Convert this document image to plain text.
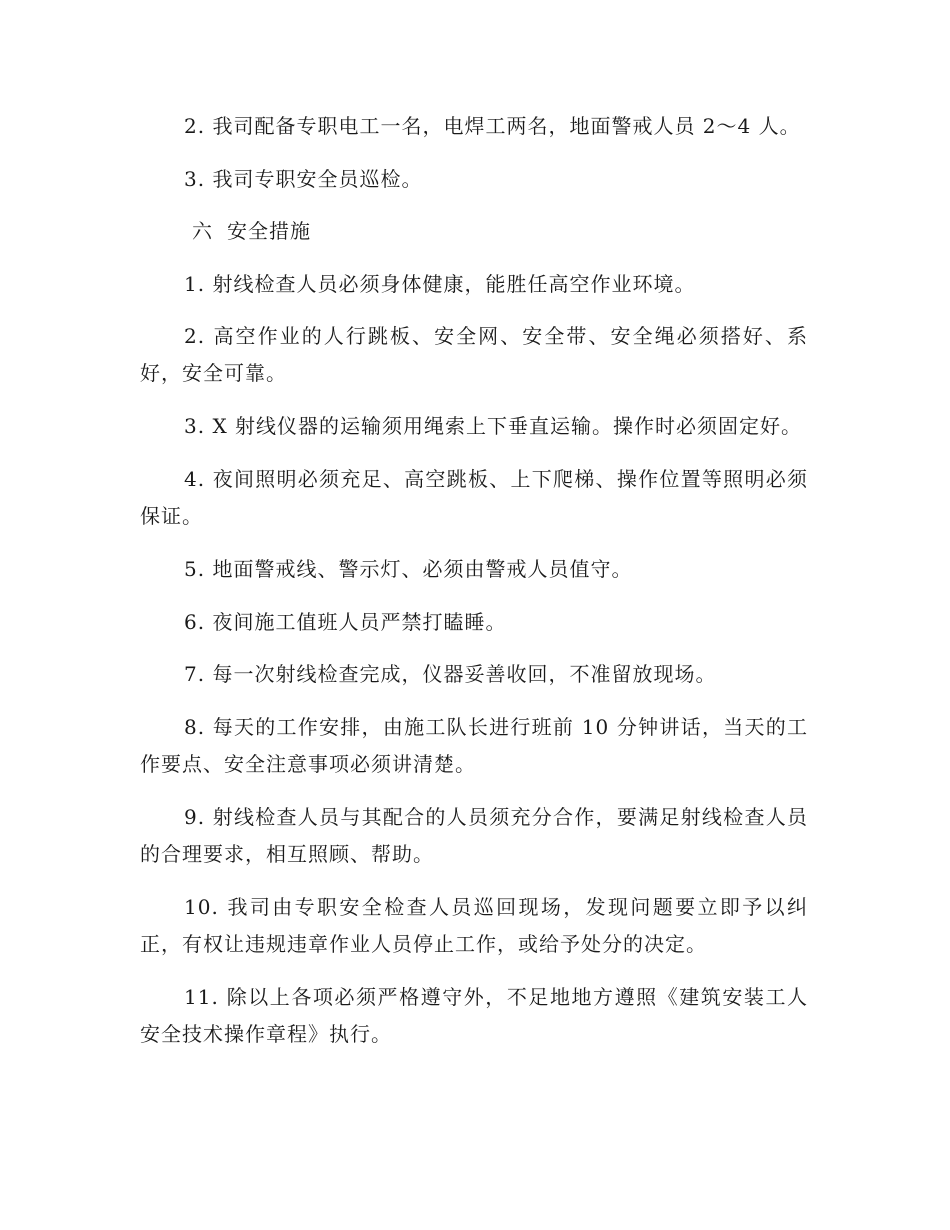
2. 我司配备专职电工一名，电焊工两名，地面警戒人员 2～4 人。

3. 我司专职安全员巡检。

六 安全措施

1. 射线检查人员必须身体健康，能胜任高空作业环境。

2. 高空作业的人行跳板、安全网、安全带、安全绳必须搭好、系好，安全可靠。

3. X 射线仪器的运输须用绳索上下垂直运输。操作时必须固定好。

4. 夜间照明必须充足、高空跳板、上下爬梯、操作位置等照明必须保证。

5. 地面警戒线、警示灯、必须由警戒人员值守。

6. 夜间施工值班人员严禁打瞌睡。

7. 每一次射线检查完成，仪器妥善收回，不准留放现场。

8. 每天的工作安排，由施工队长进行班前 10 分钟讲话，当天的工作要点、安全注意事项必须讲清楚。

9. 射线检查人员与其配合的人员须充分合作，要满足射线检查人员的合理要求，相互照顾、帮助。

10. 我司由专职安全检查人员巡回现场，发现问题要立即予以纠正，有权让违规违章作业人员停止工作，或给予处分的决定。

11. 除以上各项必须严格遵守外，不足地地方遵照《建筑安装工人安全技术操作章程》执行。
